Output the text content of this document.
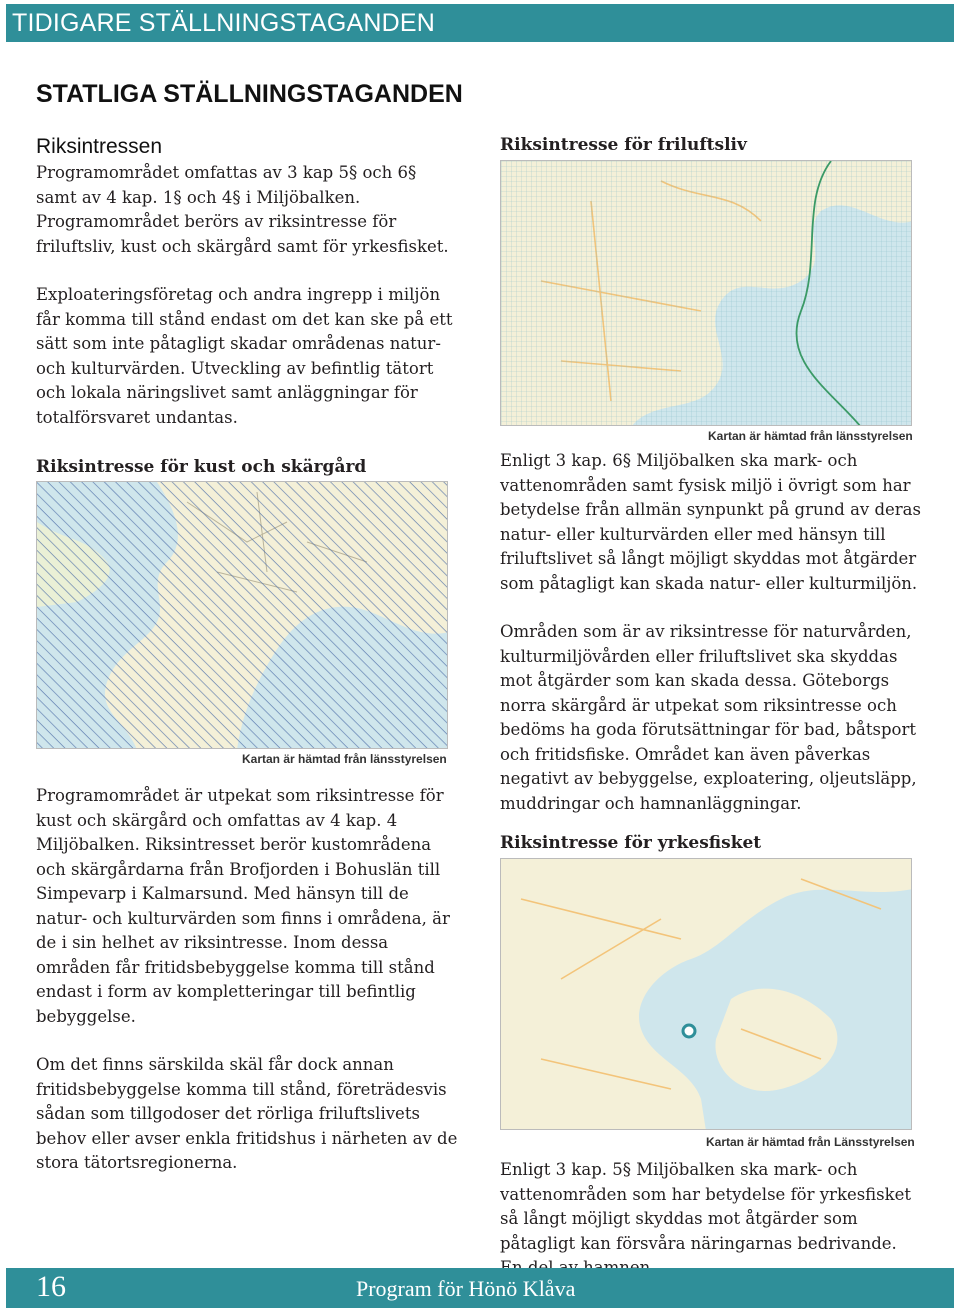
TIDIGARE STÄLLNINGSTAGANDEN
STATLIGA STÄLLNINGSTAGANDEN
Riksintressen

Programområdet omfattas av 3 kap 5§ och 6§ samt av 4 kap. 1§ och 4§ i Miljöbalken. Programområdet berörs av riksintresse för friluftsliv, kust och skärgård samt för yrkesfisket.

Exploateringsföretag och andra ingrepp i miljön får komma till stånd endast om det kan ske på ett sätt som inte påtagligt skadar områdenas natur- och kulturvärden. Utveckling av befintlig tätort och lokala näringslivet samt anläggningar för totalförsvaret undantas.

Riksintresse för kust och skärgård
Kartan är hämtad från länsstyrelsen

Programområdet är utpekat som riksintresse för kust och skärgård och omfattas av 4 kap. 4 Miljöbalken. Riksintresset berör kustområdena och skärgårdarna från Brofjorden i Bohuslän till Simpevarp i Kalmarsund. Med hänsyn till de natur- och kulturvärden som finns i områdena, är de i sin helhet av riksintresse. Inom dessa områden får fritidsbebyggelse komma till stånd endast i form av kompletteringar till befintlig bebyggelse.

Om det finns särskilda skäl får dock annan fritidsbebyggelse komma till stånd, företrädesvis sådan som tillgodoser det rörliga friluftslivets behov eller avser enkla fritidshus i närheten av de stora tätortsregionerna.

Riksintresse för friluftsliv
Kartan är hämtad från länsstyrelsen

Enligt 3 kap. 6§ Miljöbalken ska mark- och vattenområden samt fysisk miljö i övrigt som har betydelse från allmän synpunkt på grund av deras natur- eller kulturvärden eller med hänsyn till friluftslivet så långt möjligt skyddas mot åtgärder som påtagligt kan skada natur- eller kulturmiljön.

Områden som är av riksintresse för naturvården, kulturmiljövården eller friluftslivet ska skyddas mot åtgärder som kan skada dessa. Göteborgs norra skärgård är utpekat som riksintresse och bedöms ha goda förutsättningar för bad, båtsport och fritidsfiske. Området kan även påverkas negativt av bebyggelse, exploatering, oljeutsläpp, muddringar och hamnanläggningar.

Riksintresse för yrkesfisket
Kartan är hämtad från Länsstyrelsen

Enligt 3 kap. 5§ Miljöbalken ska mark- och vattenområden som har betydelse för yrkesfisket så långt möjligt skyddas mot åtgärder som påtagligt kan försvåra näringarnas bedrivande.

16	Program för Hönö Klåva
